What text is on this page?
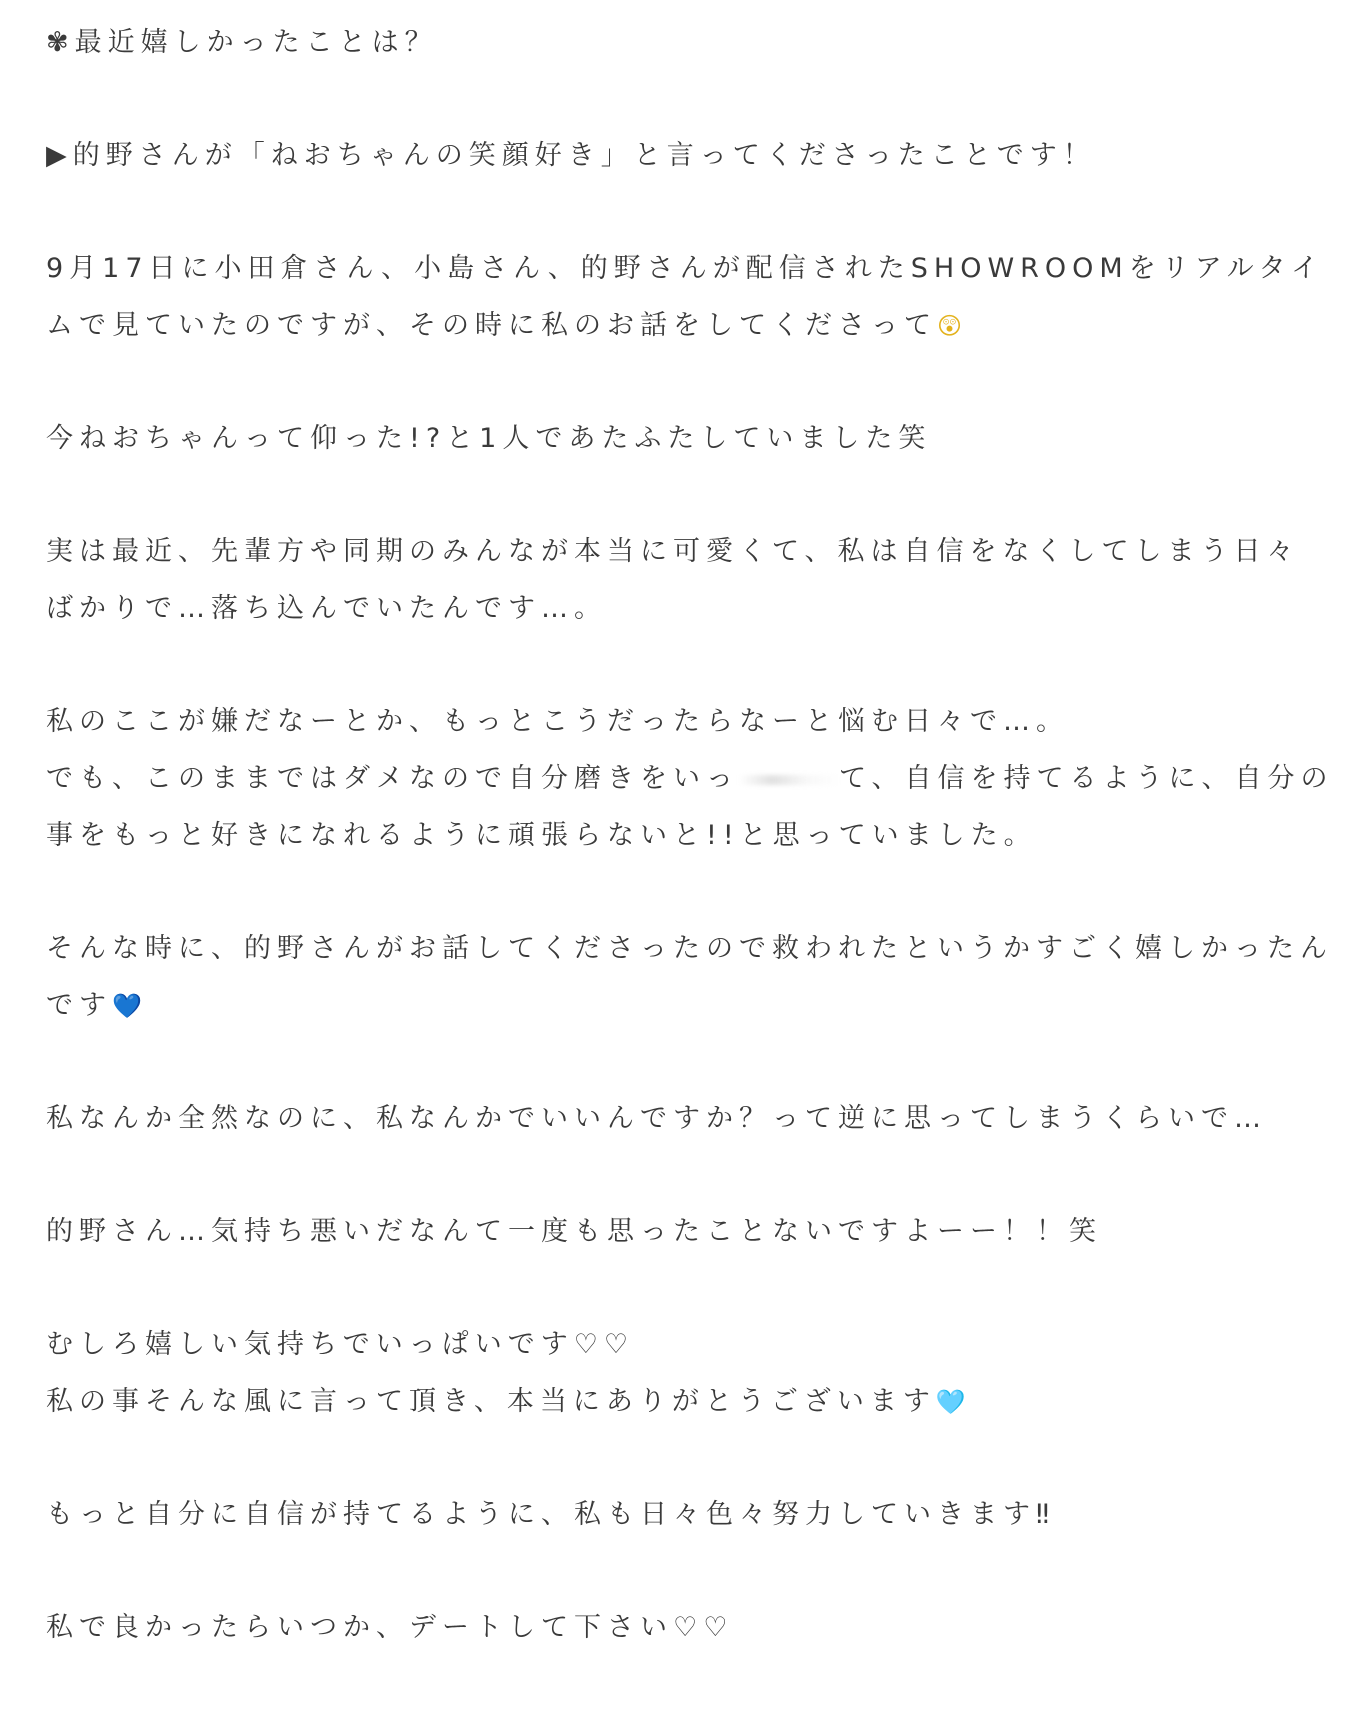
✾最近嬉しかったことは？
▶的野さんが「ねおちゃんの笑顔好き」と言ってくださったことです！
9月17日に小田倉さん、小島さん、的野さんが配信されたSHOWROOMをリアルタイ
ムで見ていたのですが、その時に私のお話をしてくださって😲
今ねおちゃんって仰った!?と1人であたふたしていました笑
実は最近、先輩方や同期のみんなが本当に可愛くて、私は自信をなくしてしまう日々
ばかりで…落ち込んでいたんです…。
私のここが嫌だなーとか、もっとこうだったらなーと悩む日々で…。
でも、このままではダメなので自分磨きをいっ	て、自信を持てるように、自分の
事をもっと好きになれるように頑張らないと!!と思っていました。
そんな時に、的野さんがお話してくださったので救われたというかすごく嬉しかったん
です💙
私なんか全然なのに、私なんかでいいんですか？って逆に思ってしまうくらいで…
的野さん…気持ち悪いだなんて一度も思ったことないですよーー！！笑
むしろ嬉しい気持ちでいっぱいです♡♡
私の事そんな風に言って頂き、本当にありがとうございます🩵
もっと自分に自信が持てるように、私も日々色々努力していきます‼︎
私で良かったらいつか、デートして下さい♡♡
